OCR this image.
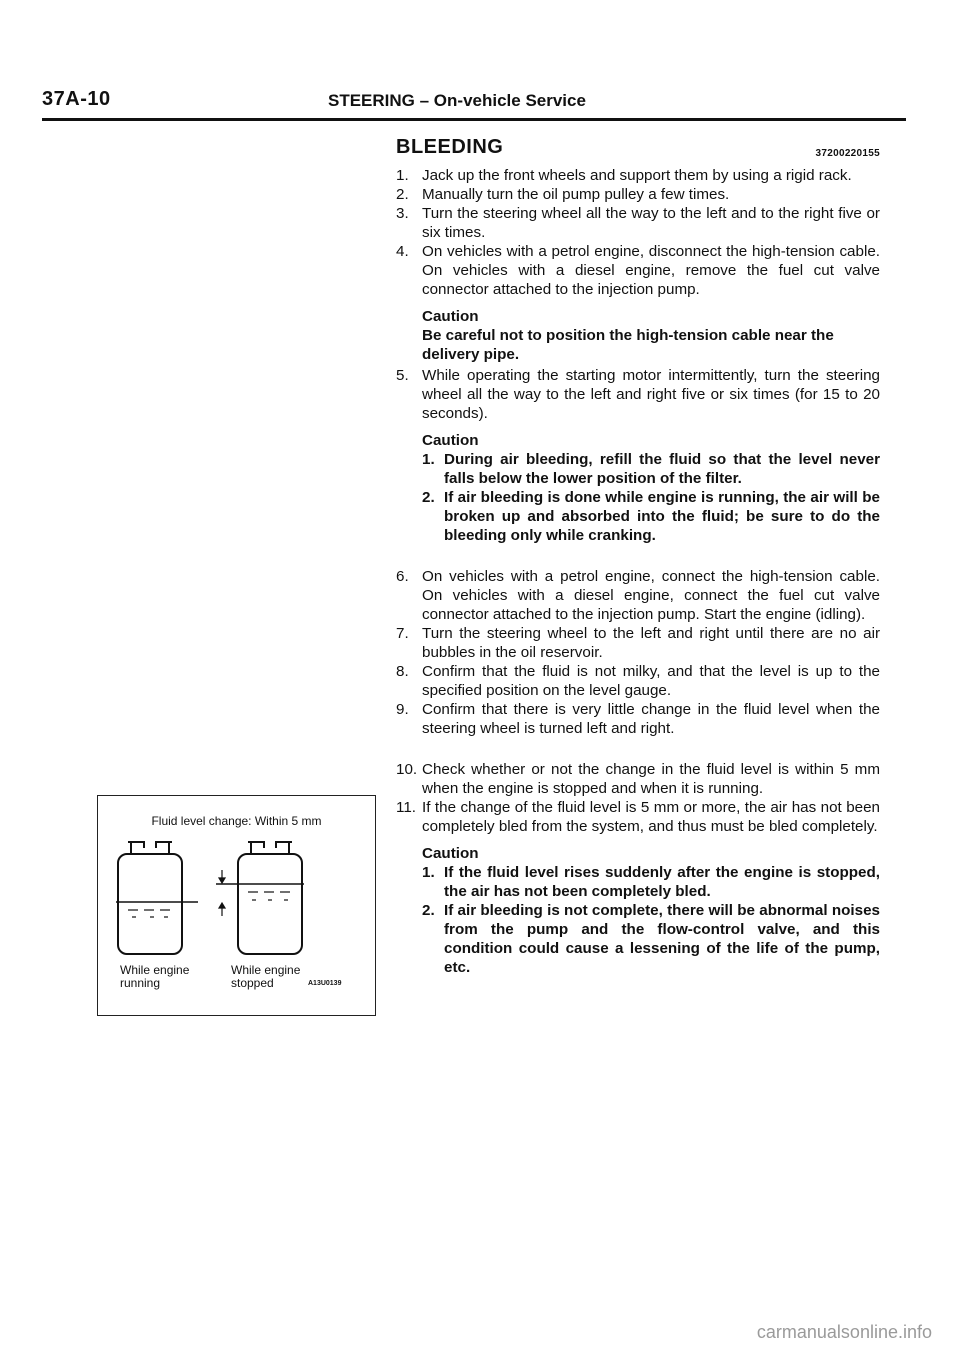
37A-10	STEERING – On-vehicle Service
BLEEDING	37200220155
1. Jack up the front wheels and support them by using a rigid rack.
2. Manually turn the oil pump pulley a few times.
3. Turn the steering wheel all the way to the left and to the right five or six times.
4. On vehicles with a petrol engine, disconnect the high-tension cable. On vehicles with a diesel engine, remove the fuel cut valve connector attached to the injection pump.
Caution
Be careful not to position the high-tension cable near the delivery pipe.
5. While operating the starting motor intermittently, turn the steering wheel all the way to the left and right five or six times (for 15 to 20 seconds).
Caution
1. During air bleeding, refill the fluid so that the level never falls below the lower position of the filter.
2. If air bleeding is done while engine is running, the air will be broken up and absorbed into the fluid; be sure to do the bleeding only while cranking.
6. On vehicles with a petrol engine, connect the high-tension cable. On vehicles with a diesel engine, connect the fuel cut valve connector attached to the injection pump. Start the engine (idling).
7. Turn the steering wheel to the left and right until there are no air bubbles in the oil reservoir.
8. Confirm that the fluid is not milky, and that the level is up to the specified position on the level gauge.
9. Confirm that there is very little change in the fluid level when the steering wheel is turned left and right.
10. Check whether or not the change in the fluid level is within 5 mm when the engine is stopped and when it is running.
11. If the change of the fluid level is 5 mm or more, the air has not been completely bled from the system, and thus must be bled completely.
Caution
1. If the fluid level rises suddenly after the engine is stopped, the air has not been completely bled.
2. If air bleeding is not complete, there will be abnormal noises from the pump and the flow-control valve, and this condition could cause a lessening of the life of the pump, etc.
Fluid level change: Within 5 mm
While engine
running
While engine
stopped	A13U0139
carmanualsonline.info
